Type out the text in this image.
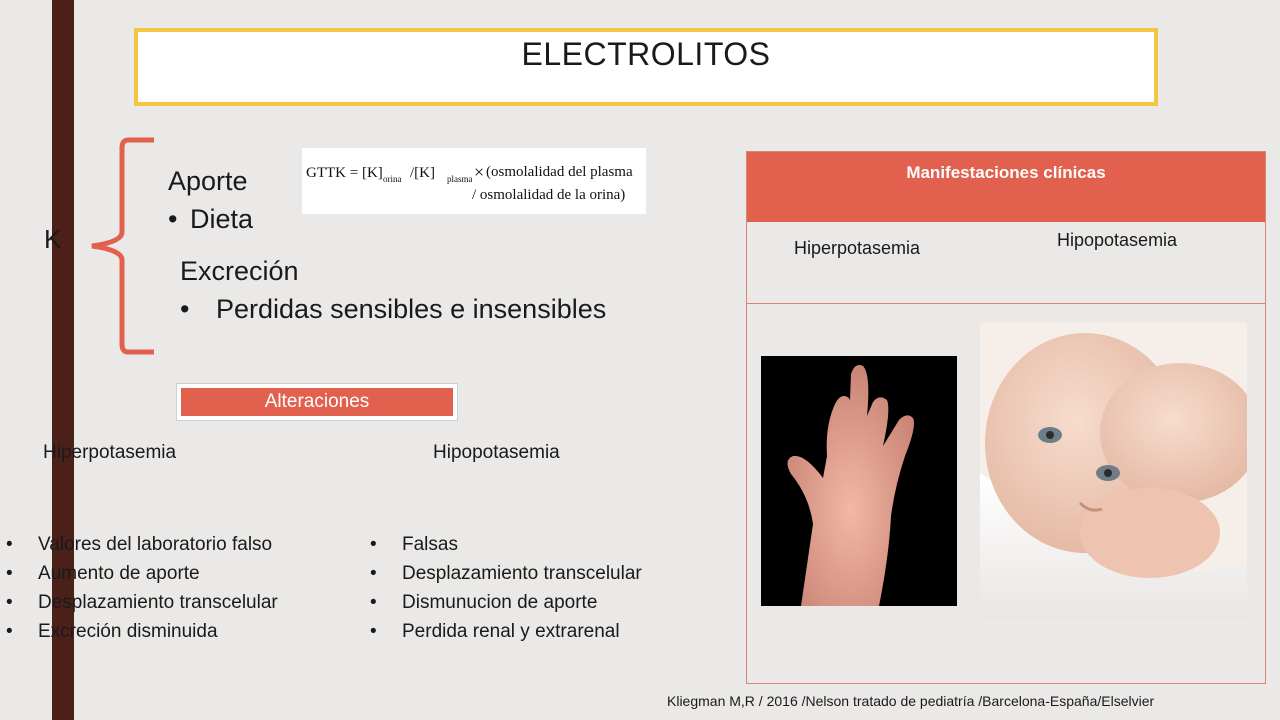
ELECTROLITOS
K
Aporte
• Dieta
Excreción
• Perdidas sensibles e insensibles
GTTK = [K] orina /[K] plasma × (osmolalidad del plasma
/ osmolalidad de la orina)
Alteraciones
Hiperpotasemia	Hipopotasemia
• Valores del laboratorio falso
• Aumento de aporte
• Desplazamiento transcelular
• Excreción disminuida
• Falsas
• Desplazamiento transcelular
• Dismunucion de aporte
• Perdida renal y extrarenal
Manifestaciones clínicas
Hiperpotasemia	Hipopotasemia
Kliegman M,R / 2016 /Nelson tratado de pediatría /Barcelona-España/Elselvier
